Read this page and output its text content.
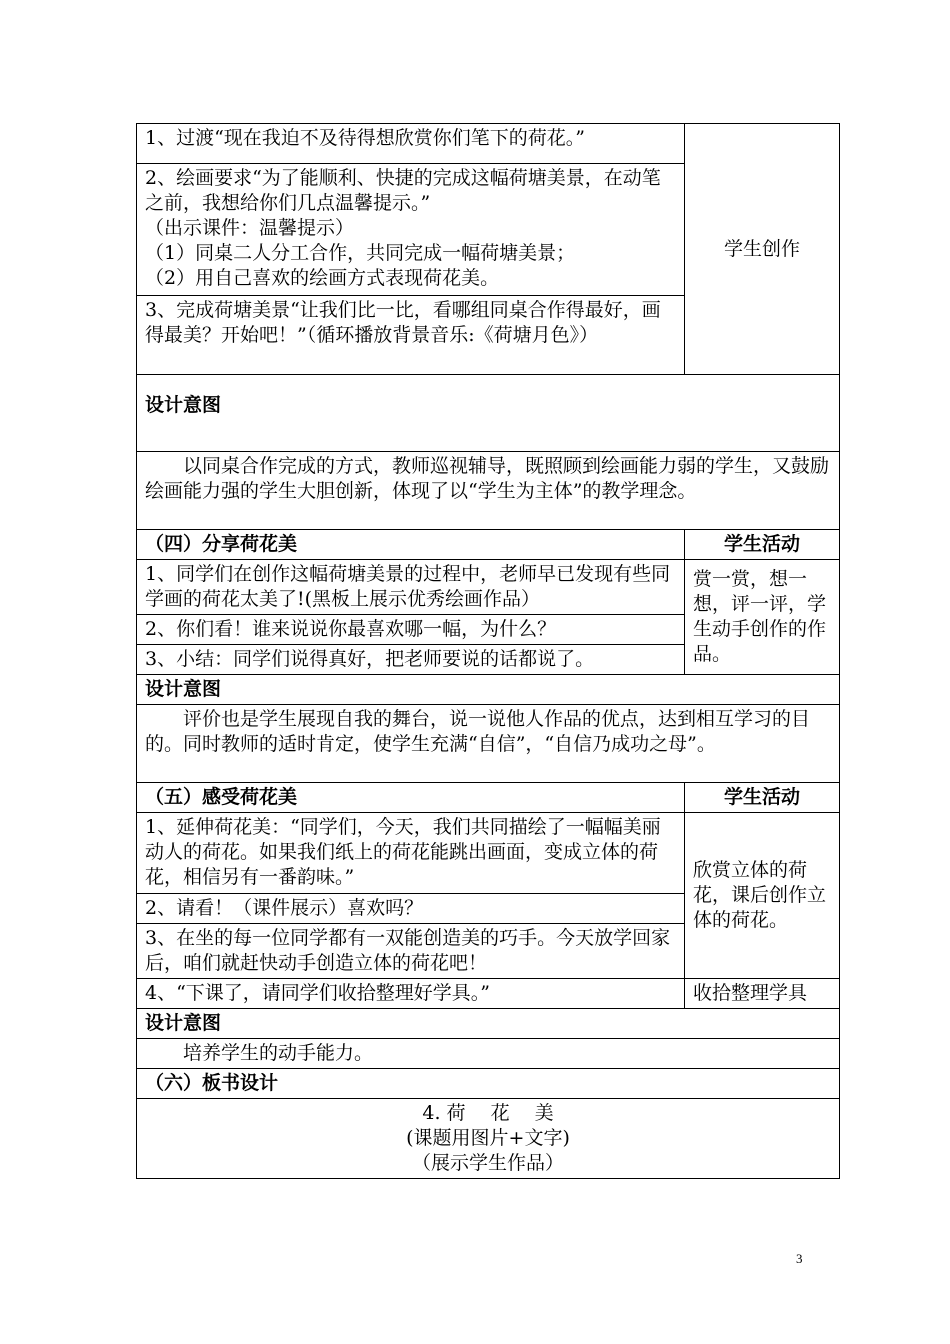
1、过渡“现在我迫不及待得想欣赏你们笔下的荷花。”	学生创作

2、绘画要求“为了能顺利、快捷的完成这幅荷塘美景，在动笔之前，我想给你们几点温馨提示。”
（出示课件：温馨提示）
（1）同桌二人分工合作，共同完成一幅荷塘美景；
（2）用自己喜欢的绘画方式表现荷花美。	

3、完成荷塘美景“让我们比一比，看哪组同桌合作得最好，画得最美？开始吧！”（循环播放背景音乐:《荷塘月色》）	
设计意图	
以同桌合作完成的方式，教师巡视辅导，既照顾到绘画能力弱的学生，又鼓励绘画能力强的学生大胆创新，体现了以“学生为主体”的教学理念。	
（四）分享荷花美	学生活动
1、同学们在创作这幅荷塘美景的过程中，老师早已发现有些同学画的荷花太美了!(黑板上展示优秀绘画作品）	赏一赏，想一想，评一评，学生动手创作的作品。
2、你们看！谁来说说你最喜欢哪一幅，为什么？	
3、小结：同学们说得真好，把老师要说的话都说了。	
设计意图	
评价也是学生展现自我的舞台，说一说他人作品的优点，达到相互学习的目的。同时教师的适时肯定，使学生充满“自信”，“自信乃成功之母”。	
（五）感受荷花美	学生活动
1、延伸荷花美：“同学们，今天，我们共同描绘了一幅幅美丽动人的荷花。如果我们纸上的荷花能跳出画面，变成立体的荷花，相信另有一番韵味。”	欣赏立体的荷花，课后创作立体的荷花。
2、请看！（课件展示）喜欢吗？	
3、在坐的每一位同学都有一双能创造美的巧手。今天放学回家后，咱们就赶快动手创造立体的荷花吧！	
4、“下课了，请同学们收拾整理好学具。”	收拾整理学具
设计意图	
培养学生的动手能力。	
（六）板书设计	

4. 荷　 花　 美
(课题用图片+文字)
（展示学生作品）	
3
